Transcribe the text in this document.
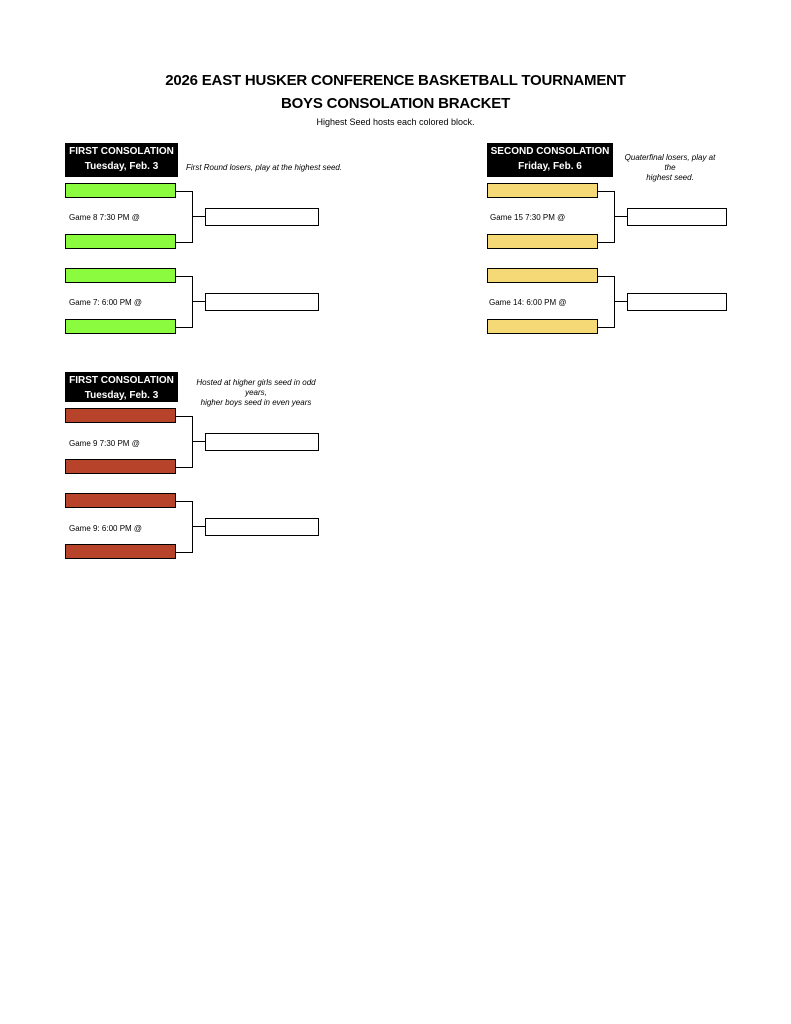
2026 EAST HUSKER CONFERENCE BASKETBALL TOURNAMENT
BOYS CONSOLATION BRACKET
Highest Seed hosts each colored block.
FIRST CONSOLATION
Tuesday, Feb. 3	First Round losers, play at the highest seed.
Game 8 7:30 PM @
Game 7: 6:00 PM @
SECOND CONSOLATION
Friday, Feb. 6
Quaterfinal losers, play at the
highest seed.
Game 15 7:30 PM @
Game 14: 6:00 PM @
FIRST CONSOLATION
Tuesday, Feb. 3
Hosted at higher girls seed in odd years,
higher boys seed in even years
Game 9 7:30 PM @
Game 9: 6:00 PM @
